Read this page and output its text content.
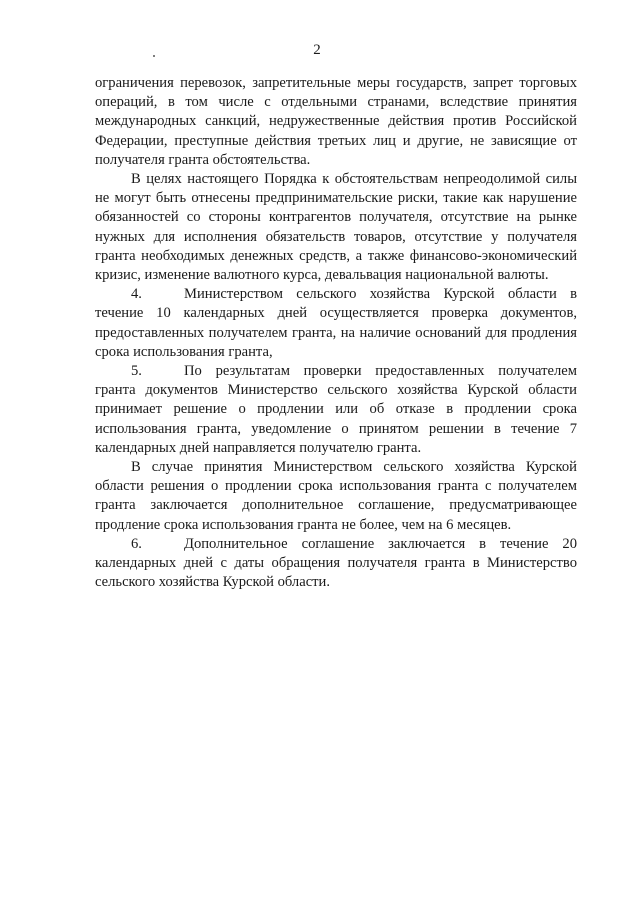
2

ограничения перевозок, запретительные меры государств, запрет торговых операций, в том числе с отдельными странами, вследствие принятия международных санкций, недружественные действия против Российской Федерации, преступные действия третьих лиц и другие, не зависящие от получателя гранта обстоятельства.

В целях настоящего Порядка к обстоятельствам непреодолимой силы не могут быть отнесены предпринимательские риски, такие как нарушение обязанностей со стороны контрагентов получателя, отсутствие на рынке нужных для исполнения обязательств товаров, отсутствие у получателя гранта необходимых денежных средств, а также финансово-экономический кризис, изменение валютного курса, девальвация национальной валюты.

4.	Министерством сельского хозяйства Курской области в течение 10 календарных дней осуществляется проверка документов, предоставленных получателем гранта, на наличие оснований для продления срока использования гранта,

5.	По результатам проверки предоставленных получателем гранта документов Министерство сельского хозяйства Курской области принимает решение о продлении или об отказе в продлении срока использования гранта, уведомление о принятом решении в течение 7 календарных дней направляется получателю гранта.

В случае принятия Министерством сельского хозяйства Курской области решения о продлении срока использования гранта с получателем гранта заключается дополнительное соглашение, предусматривающее продление срока использования гранта не более, чем на 6 месяцев.

6.	Дополнительное соглашение заключается в течение 20 календарных дней с даты обращения получателя гранта в Министерство сельского хозяйства Курской области.
